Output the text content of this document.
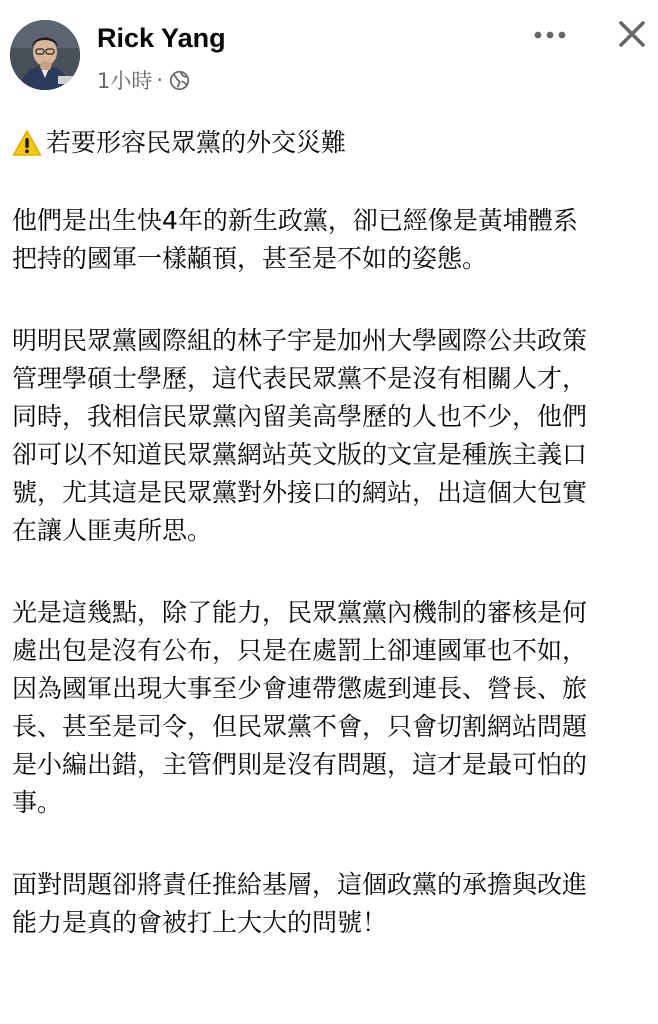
Rick Yang
1小時 ·

若要形容民眾黨的外交災難

他們是出生快4年的新生政黨，卻已經像是黃埔體系
把持的國軍一樣顢頇，甚至是不如的姿態。

明明民眾黨國際組的林子宇是加州大學國際公共政策
管理學碩士學歷，這代表民眾黨不是沒有相關人才，
同時，我相信民眾黨內留美高學歷的人也不少，他們
卻可以不知道民眾黨網站英文版的文宣是種族主義口
號，尤其這是民眾黨對外接口的網站，出這個大包實
在讓人匪夷所思。

光是這幾點，除了能力，民眾黨黨內機制的審核是何
處出包是沒有公布，只是在處罰上卻連國軍也不如，
因為國軍出現大事至少會連帶懲處到連長、營長、旅
長、甚至是司令，但民眾黨不會，只會切割網站問題
是小編出錯，主管們則是沒有問題，這才是最可怕的
事。

面對問題卻將責任推給基層，這個政黨的承擔與改進
能力是真的會被打上大大的問號！
